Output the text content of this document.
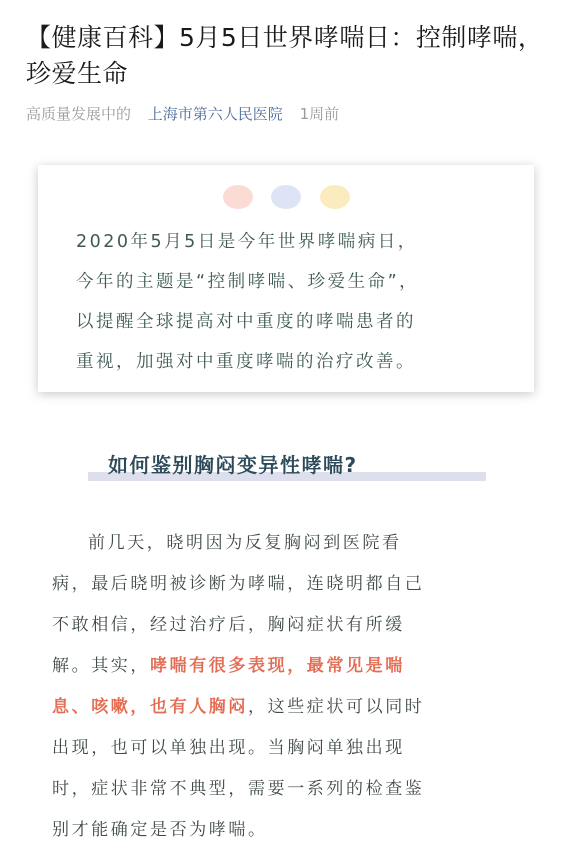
【健康百科】5月5日世界哮喘日：控制哮喘，珍爱生命
高质量发展中的 上海市第六人民医院 1周前

2020年5月5日是今年世界哮喘病日，

今年的主题是“控制哮喘、珍爱生命”，

以提醒全球提高对中重度的哮喘患者的

重视，加强对中重度哮喘的治疗改善。

如何鉴别胸闷变异性哮喘?

前几天，晓明因为反复胸闷到医院看

病，最后晓明被诊断为哮喘，连晓明都自己

不敢相信，经过治疗后，胸闷症状有所缓

解。其实，哮喘有很多表现，最常见是喘

息、咳嗽，也有人胸闷，这些症状可以同时

出现，也可以单独出现。当胸闷单独出现

时，症状非常不典型，需要一系列的检查鉴

别才能确定是否为哮喘。
